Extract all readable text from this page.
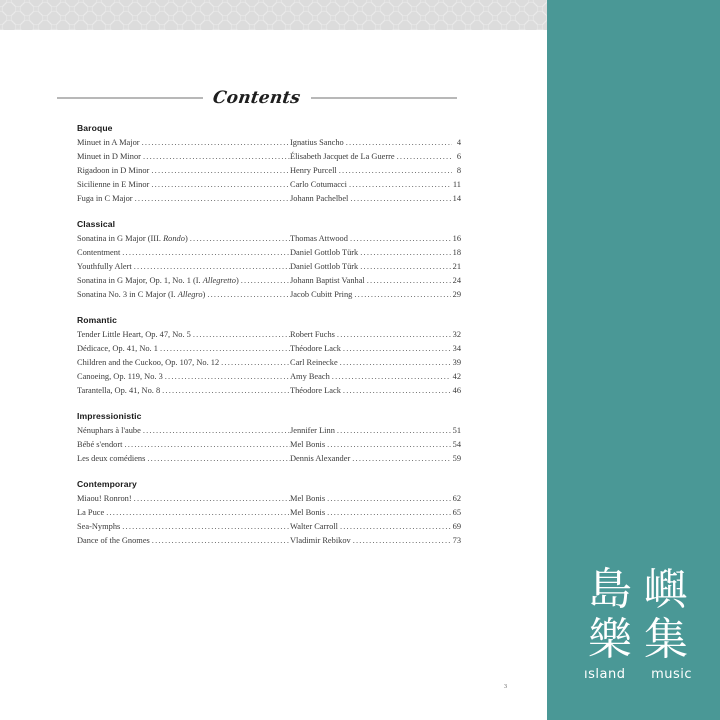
Contents
Baroque
Minuet in A Major .....	Ignatius Sancho .....	4
Minuet in D Minor .....	Élisabeth Jacquet de La Guerre .....	6
Rigadoon in D Minor .....	Henry Purcell .....	8
Sicilienne in E Minor .....	Carlo Cotumacci .....	11
Fuga in C Major .....	Johann Pachelbel .....	14
Classical
Sonatina in G Major (III. Rondo) .....	Thomas Attwood .....	16
Contentment .....	Daniel Gottlob Türk .....	18
Youthfully Alert .....	Daniel Gottlob Türk .....	21
Sonatina in G Major, Op. 1, No. 1 (I. Allegretto) .....	Johann Baptist Vanhal .....	24
Sonatina No. 3 in C Major (I. Allegro) .....	Jacob Cubitt Pring .....	29
Romantic
Tender Little Heart, Op. 47, No. 5 .....	Robert Fuchs .....	32
Dédicace, Op. 41, No. 1 .....	Théodore Lack .....	34
Children and the Cuckoo, Op. 107, No. 12 .....	Carl Reinecke .....	39
Canoeing, Op. 119, No. 3 .....	Amy Beach .....	42
Tarantella, Op. 41, No. 8 .....	Théodore Lack .....	46
Impressionistic
Nénuphars à l'aube .....	Jennifer Linn .....	51
Bébé s'endort .....	Mel Bonis .....	54
Les deux comédiens .....	Dennis Alexander .....	59
Contemporary
Miaou! Ronron! .....	Mel Bonis .....	62
La Puce .....	Mel Bonis .....	65
Sea-Nymphs .....	Walter Carroll .....	69
Dance of the Gnomes .....	Vladimir Rebikov .....	73
3
島 嶼
樂 集
ısland music
